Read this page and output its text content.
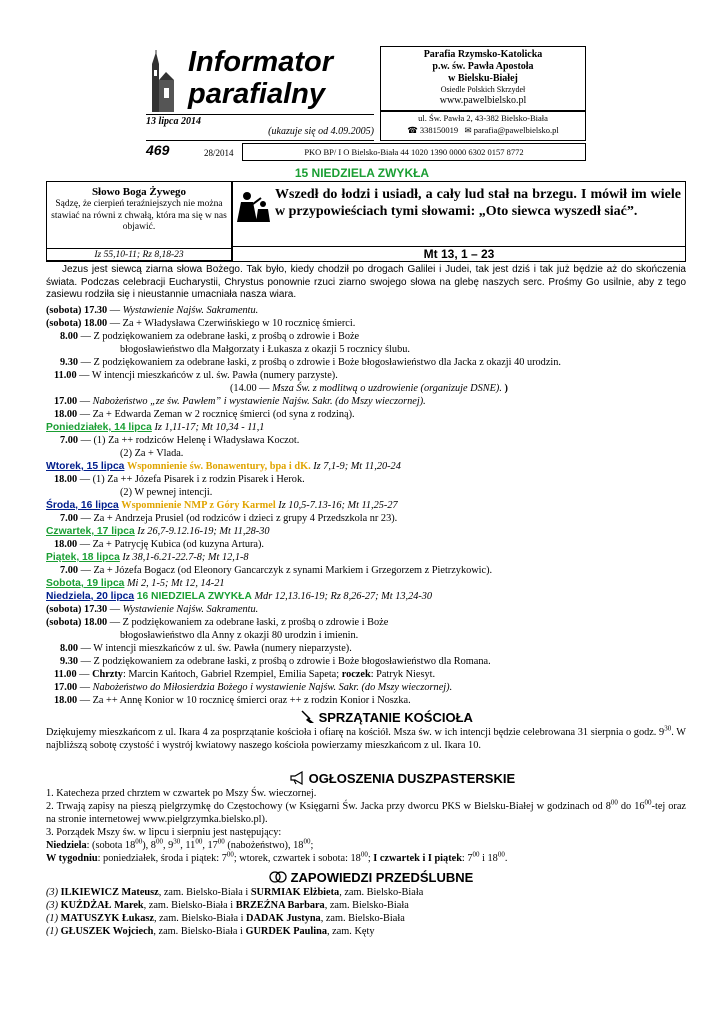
Informator
parafialny
13 lipca 2014
(ukazuje się od 4.09.2005)
469	28/2014
Parafia Rzymsko-Katolicka
p.w. św. Pawła Apostoła
w Bielsku-Białej
Osiedle Polskich Skrzydeł
www.pawelbielsko.pl
ul. Św. Pawła 2, 43-382 Bielsko-Biała
☎ 338150019 ✉ parafia@pawelbielsko.pl
PKO BP/ I O Bielsko-Biała 44 1020 1390 0000 6302 0157 8772
15 NIEDZIELA ZWYKŁA
Słowo Boga Żywego
Sądzę, że cierpień teraźniejszych nie można stawiać na równi z chwałą, która ma się w nas objawić.
Iz 55,10-11; Rz 8,18-23
Wszedł do łodzi i usiadł, a cały lud stał na brzegu. I mówił im wiele w przypowieściach tymi słowami: „Oto siewca wyszedł siać”.
Mt 13, 1 – 23
Jezus jest siewcą ziarna słowa Bożego. Tak było, kiedy chodził po drogach Galilei i Judei, tak jest dziś i tak już będzie aż do skończenia świata. Podczas celebracji Eucharystii, Chrystus ponownie rzuci ziarno swojego słowa na glebę naszych serc. Prośmy Go usilnie, aby z tego zasiewu rodziła się i nieustannie umacniała nasza wiara.
(sobota) 17.30 — Wystawienie Najśw. Sakramentu.
(sobota) 18.00 — Za + Władysława Czerwińskiego w 10 rocznicę śmierci.
8.00 — Z podziękowaniem za odebrane łaski, z prośbą o zdrowie i Boże
błogosławieństwo dla Małgorzaty i Łukasza z okazji 5 rocznicy ślubu.
9.30 — Z podziękowaniem za odebrane łaski, z prośbą o zdrowie i Boże błogosławieństwo dla Jacka z okazji 40 urodzin.
11.00 — W intencji mieszkańców z ul. św. Pawła (numery parzyste).
(14.00 — Msza Św. z modlitwą o uzdrowienie (organizuje DSNE). )
17.00 — Nabożeństwo „ze św. Pawłem” i wystawienie Najśw. Sakr. (do Mszy wieczornej).
18.00 — Za + Edwarda Zeman w 2 rocznicę śmierci (od syna z rodziną).
Poniedziałek, 14 lipca Iz 1,11-17; Mt 10,34 - 11,1
7.00 — (1) Za ++ rodziców Helenę i Władysława Koczot.
(2) Za + Vlada.
Wtorek, 15 lipca Wspomnienie św. Bonawentury, bpa i dK. Iz 7,1-9; Mt 11,20-24
18.00 — (1) Za ++ Józefa Pisarek i z rodzin Pisarek i Herok.
(2) W pewnej intencji.
Środa, 16 lipca Wspomnienie NMP z Góry Karmel Iz 10,5-7.13-16; Mt 11,25-27
7.00 — Za + Andrzeja Prusiel (od rodziców i dzieci z grupy 4 Przedszkola nr 23).
Czwartek, 17 lipca Iz 26,7-9.12.16-19; Mt 11,28-30
18.00 — Za + Patrycję Kubica (od kuzyna Artura).
Piątek, 18 lipca Iz 38,1-6.21-22.7-8; Mt 12,1-8
7.00 — Za + Józefa Bogacz (od Eleonory Gancarczyk z synami Markiem i Grzegorzem z Pietrzykowic).
Sobota, 19 lipca Mi 2, 1-5; Mt 12, 14-21
Niedziela, 20 lipca 16 NIEDZIELA ZWYKŁA Mdr 12,13.16-19; Rz 8,26-27; Mt 13,24-30
(sobota) 17.30 — Wystawienie Najśw. Sakramentu.
(sobota) 18.00 — Z podziękowaniem za odebrane łaski, z prośbą o zdrowie i Boże
błogosławieństwo dla Anny z okazji 80 urodzin i imienin.
8.00 — W intencji mieszkańców z ul. św. Pawła (numery nieparzyste).
9.30 — Z podziękowaniem za odebrane łaski, z prośbą o zdrowie i Boże błogosławieństwo dla Romana.
11.00 — Chrzty: Marcin Kańtoch, Gabriel Rzempiel, Emilia Sapeta; roczek: Patryk Niesyt.
17.00 — Nabożeństwo do Miłosierdzia Bożego i wystawienie Najśw. Sakr. (do Mszy wieczornej).
18.00 — Za ++ Annę Konior w 10 rocznicę śmierci oraz ++ z rodzin Konior i Noszka.
SPRZĄTANIE KOŚCIOŁA
Dziękujemy mieszkańcom z ul. Ikara 4 za posprzątanie kościoła i ofiarę na kościół. Msza św. w ich intencji będzie celebrowana 31 sierpnia o godz. $9^{30}$. W najbliższą sobotę czystość i wystrój kwiatowy naszego kościoła powierzamy mieszkańcom z ul. Ikara 10.
OGŁOSZENIA DUSZPASTERSKIE
1. Katecheza przed chrztem w czwartek po Mszy Św. wieczornej.
2. Trwają zapisy na pieszą pielgrzymkę do Częstochowy (w Księgarni Św. Jacka przy dworcu PKS w Bielsku-Białej w godzinach od $8^{00}$ do $16^{00}$-tej oraz na stronie internetowej www.pielgrzymka.bielsko.pl).
3. Porządek Mszy św. w lipcu i sierpniu jest następujący:
Niedziela: (sobota $18^{00}$), $8^{00}$, $9^{30}$, $11^{00}$, $17^{00}$ (nabożeństwo), $18^{00}$;
W tygodniu: poniedziałek, środa i piątek: $7^{00}$; wtorek, czwartek i sobota: $18^{00}$; I czwartek i I piątek: $7^{00}$ i $18^{00}$.
ZAPOWIEDZI PRZEDŚLUBNE
(3) ILKIEWICZ Mateusz, zam. Bielsko-Biała i SURMIAK Elżbieta, zam. Bielsko-Biała
(3) KUŹDŻAŁ Marek, zam. Bielsko-Biała i BRZEŹNA Barbara, zam. Bielsko-Biała
(1) MATUSZYK Łukasz, zam. Bielsko-Biała i DADAK Justyna, zam. Bielsko-Biała
(1) GŁUSZEK Wojciech, zam. Bielsko-Biała i GURDEK Paulina, zam. Kęty
